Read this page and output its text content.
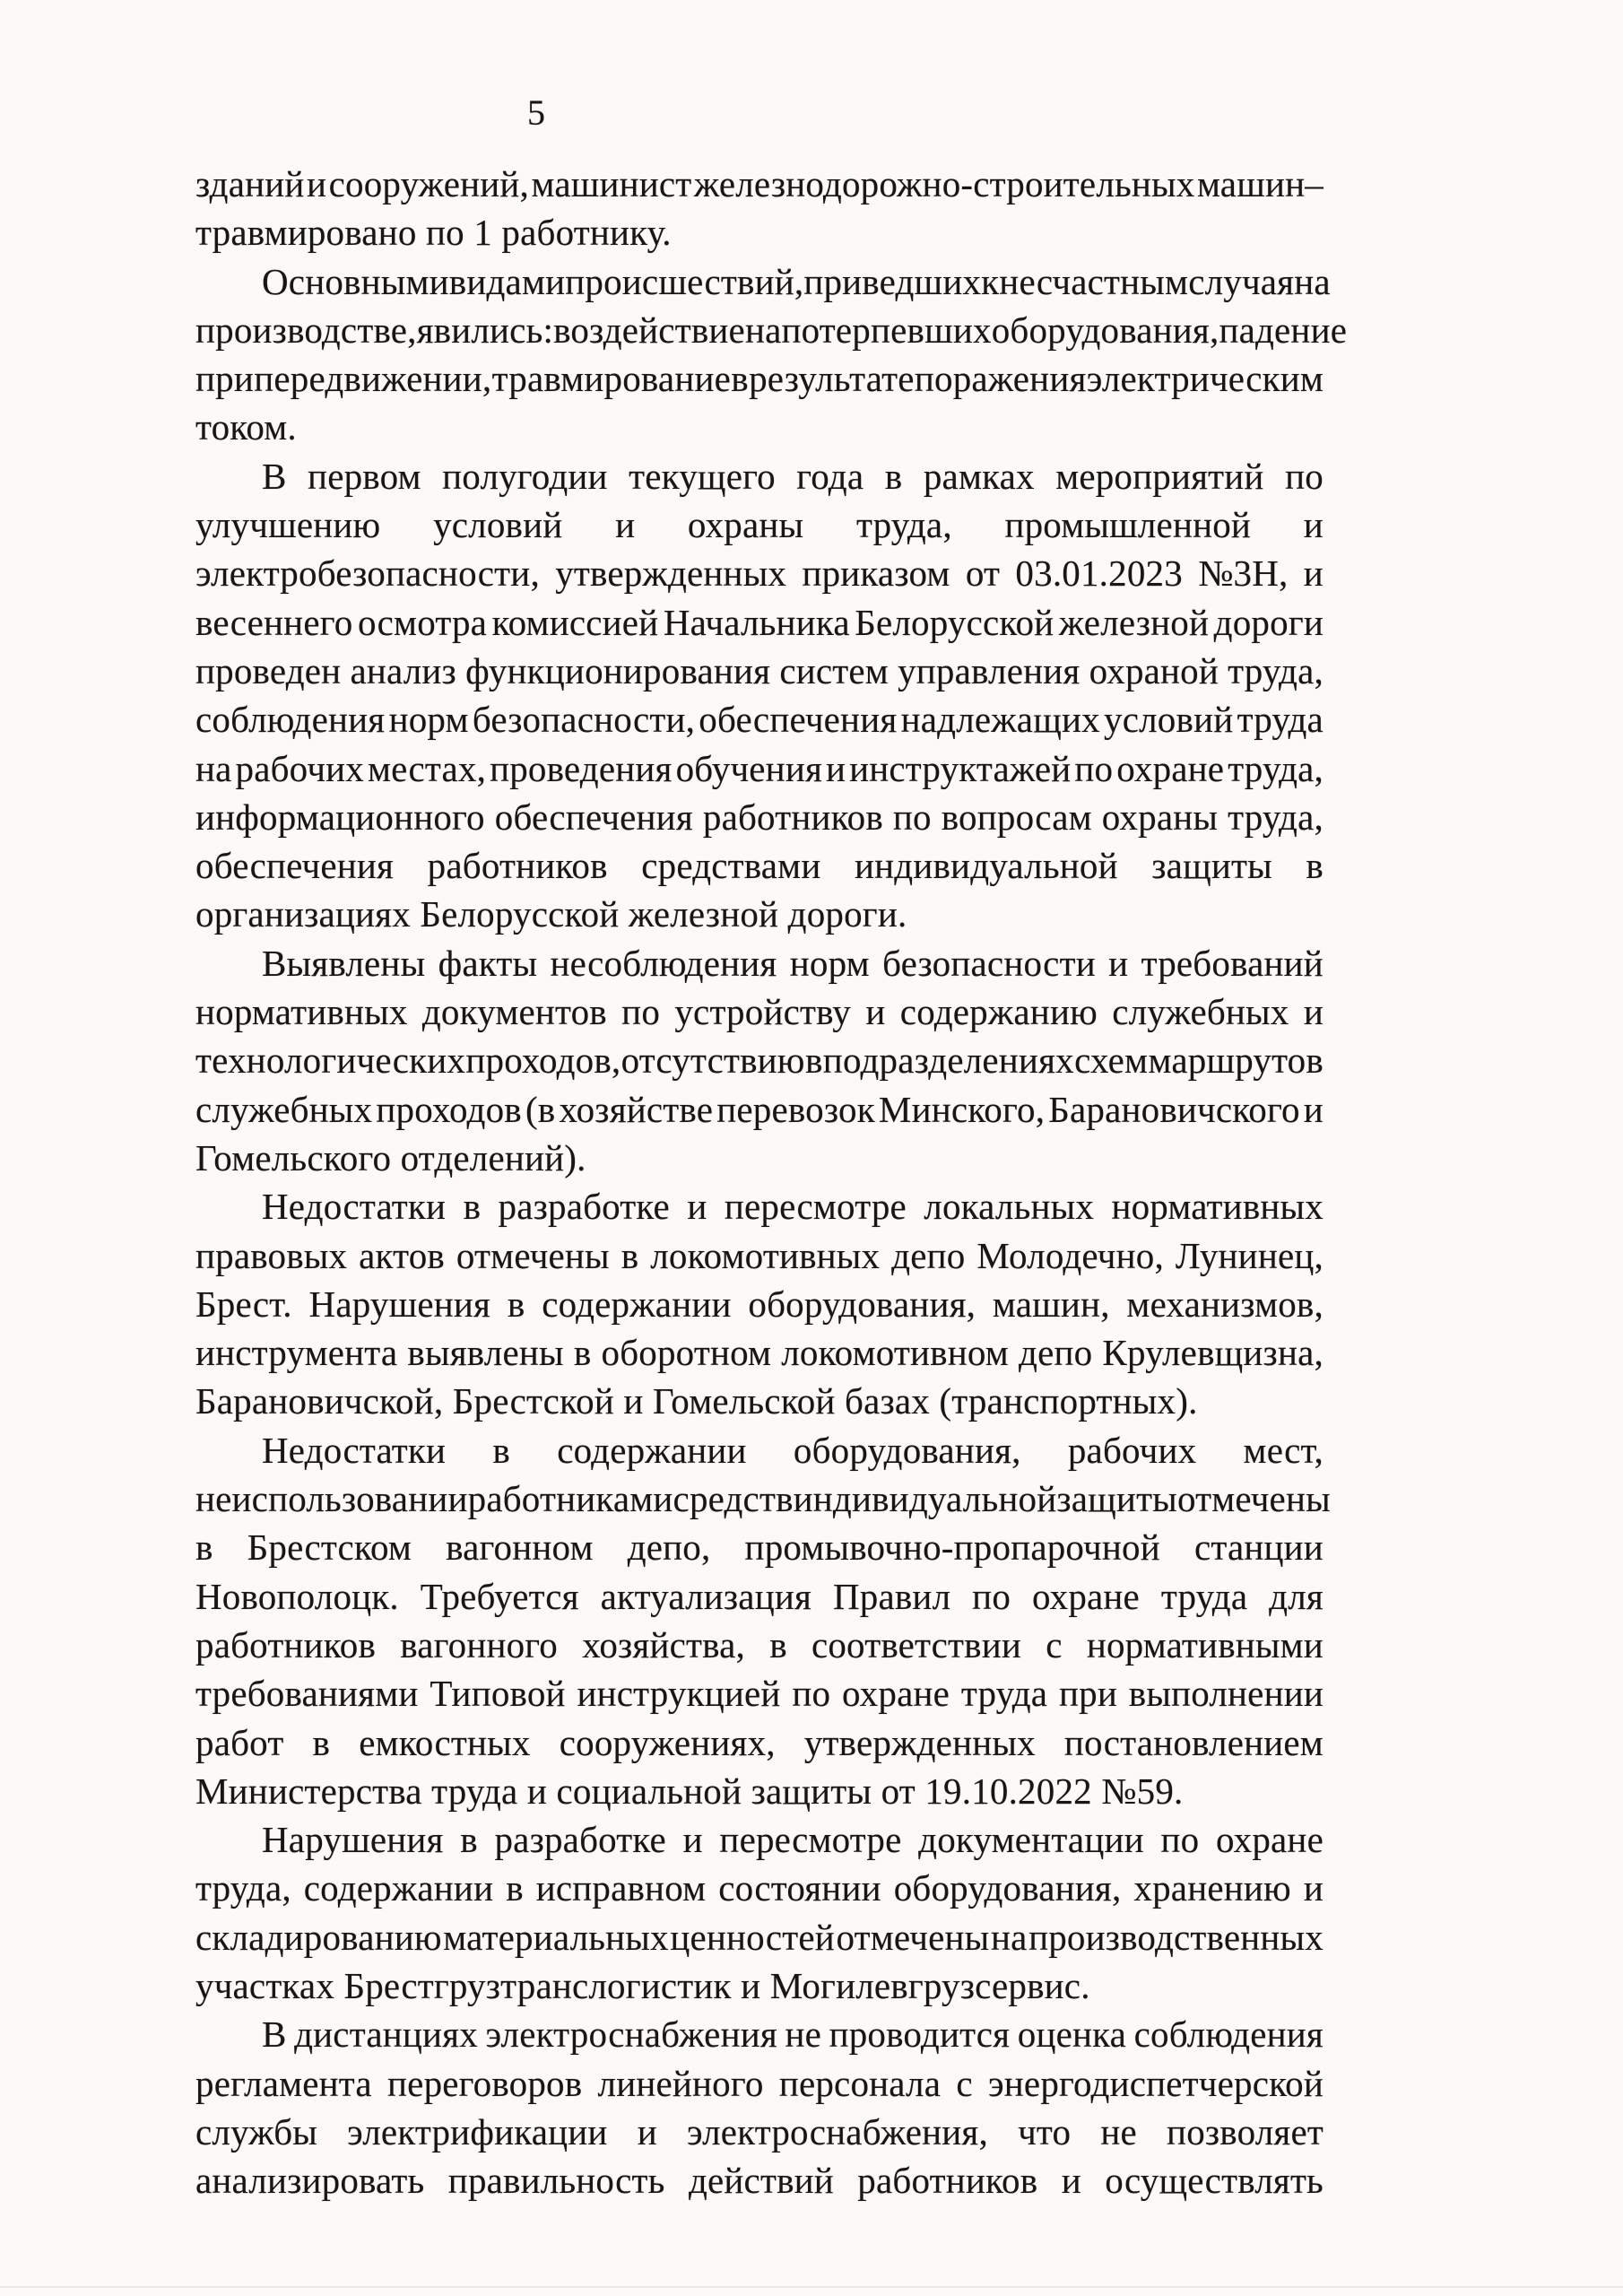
5
зданий и сооружений, машинист железнодорожно-строительных машин–
травмировано по 1 работнику.
Основными видами происшествий, приведших к несчастным случая на
производстве, явились: воздействие на потерпевших оборудования, падение
при передвижении, травмирование в результате поражения электрическим
током.
В первом полугодии текущего года в рамках мероприятий по
улучшению условий и охраны труда, промышленной и
электробезопасности, утвержденных приказом от 03.01.2023 №3Н, и
весеннего осмотра комиссией Начальника Белорусской железной дороги
проведен анализ функционирования систем управления охраной труда,
соблюдения норм безопасности, обеспечения надлежащих условий труда
на рабочих местах, проведения обучения и инструктажей по охране труда,
информационного обеспечения работников по вопросам охраны труда,
обеспечения работников средствами индивидуальной защиты в
организациях Белорусской железной дороги.
Выявлены факты несоблюдения норм безопасности и требований
нормативных документов по устройству и содержанию служебных и
технологических проходов, отсутствию в подразделениях схем маршрутов
служебных проходов (в хозяйстве перевозок Минского, Барановичского и
Гомельского отделений).
Недостатки в разработке и пересмотре локальных нормативных
правовых актов отмечены в локомотивных депо Молодечно, Лунинец,
Брест. Нарушения в содержании оборудования, машин, механизмов,
инструмента выявлены в оборотном локомотивном депо Крулевщизна,
Барановичской, Брестской и Гомельской базах (транспортных).
Недостатки в содержании оборудования, рабочих мест,
неиспользовании работниками средств индивидуальной защиты отмечены
в Брестском вагонном депо, промывочно-пропарочной станции
Новополоцк. Требуется актуализация Правил по охране труда для
работников вагонного хозяйства, в соответствии с нормативными
требованиями Типовой инструкцией по охране труда при выполнении
работ в емкостных сооружениях, утвержденных постановлением
Министерства труда и социальной защиты от 19.10.2022 №59.
Нарушения в разработке и пересмотре документации по охране
труда, содержании в исправном состоянии оборудования, хранению и
складированию материальных ценностей отмечены на производственных
участках Брестгрузтранслогистик и Могилевгрузсервис.
В дистанциях электроснабжения не проводится оценка соблюдения
регламента переговоров линейного персонала с энергодиспетчерской
службы электрификации и электроснабжения, что не позволяет
анализировать правильность действий работников и осуществлять
